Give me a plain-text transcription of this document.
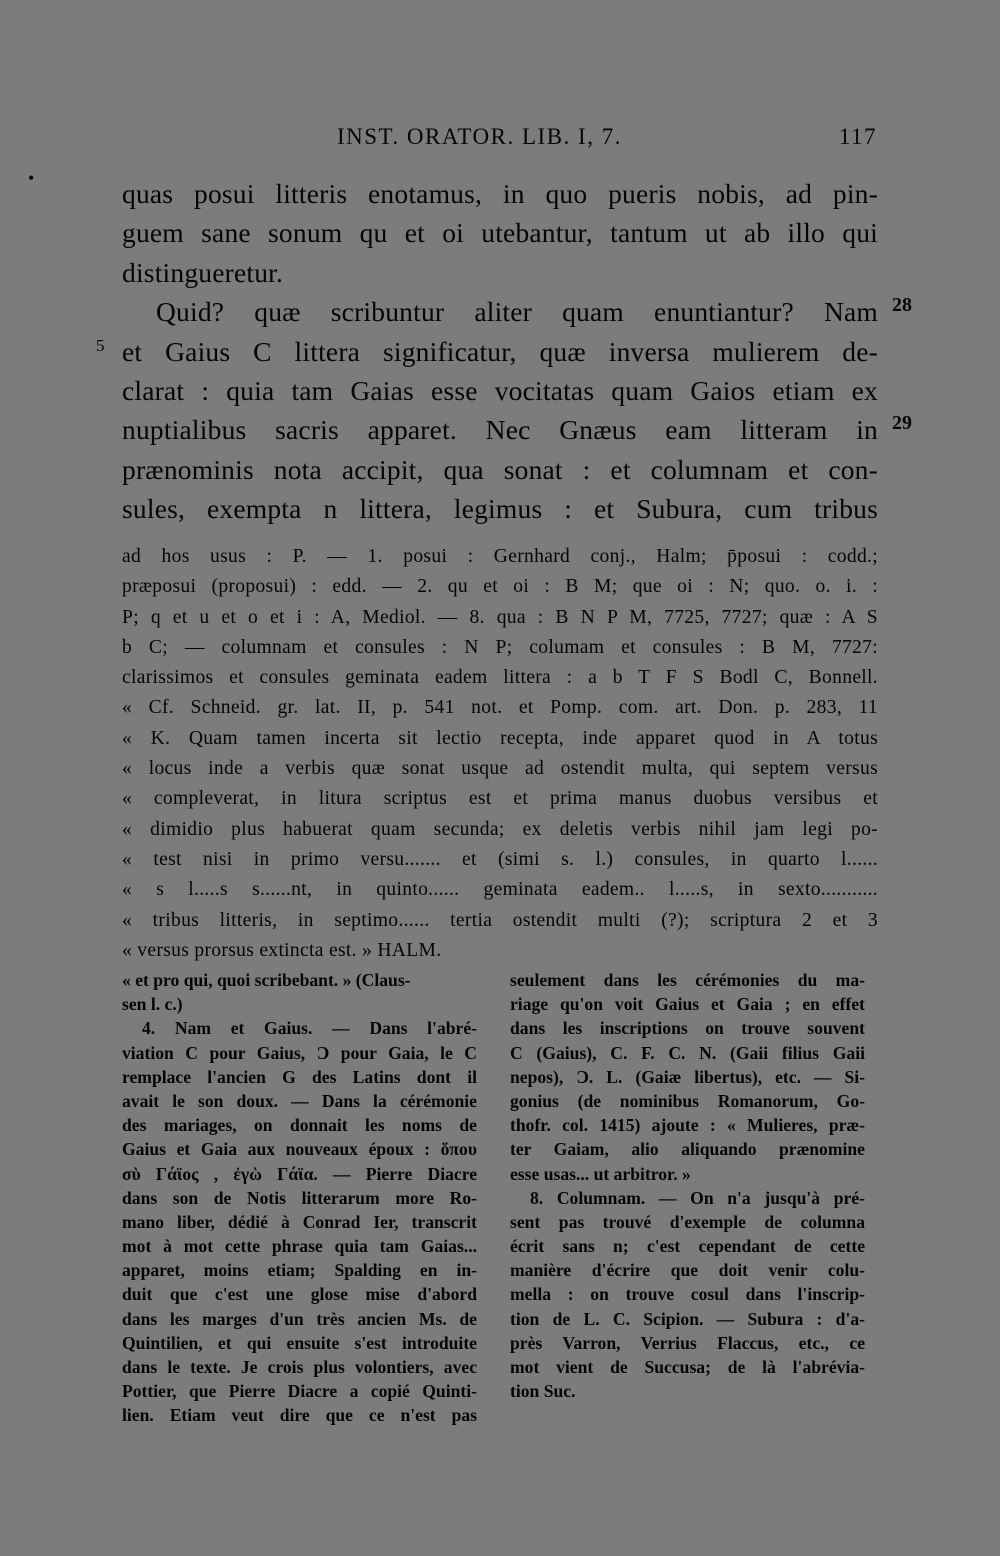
INST. ORATOR. LIB. I, 7.	117
•
5
28
29
quas posui litteris enotamus, in quo pueris nobis, ad pin-
guem sane sonum qu et oi utebantur, tantum ut ab illo qui
distingueretur.
Quid? quæ scribuntur aliter quam enuntiantur? Nam
et Gaius C littera significatur, quæ inversa mulierem de-
clarat : quia tam Gaias esse vocitatas quam Gaios etiam ex
nuptialibus sacris apparet. Nec Gnæus eam litteram in
prænominis nota accipit, qua sonat : et columnam et con-
sules, exempta n littera, legimus : et Subura, cum tribus
ad hos usus : P. — 1. posui : Gernhard conj., Halm; p̄posui : codd.;
præposui (proposui) : edd. — 2. qu et oi : B M; que oi : N; quo. o. i. :
P; q et u et o et i : A, Mediol. — 8. qua : B N P M, 7725, 7727; quæ : A S
b C; — columnam et consules : N P; columam et consules : B M, 7727:
clarissimos et consules geminata eadem littera : a b T F S Bodl C, Bonnell.
« Cf. Schneid. gr. lat. II, p. 541 not. et Pomp. com. art. Don. p. 283, 11
« K. Quam tamen incerta sit lectio recepta, inde apparet quod in A totus
« locus inde a verbis quæ sonat usque ad ostendit multa, qui septem versus
« compleverat, in litura scriptus est et prima manus duobus versibus et
« dimidio plus habuerat quam secunda; ex deletis verbis nihil jam legi po-
« test nisi in primo versu....... et (simi s. l.) consules, in quarto l......
« s l.....s s......nt, in quinto...... geminata eadem.. l.....s, in sexto...........
« tribus litteris, in septimo...... tertia ostendit multi (?); scriptura 2 et 3
« versus prorsus extincta est. » HALM.
« et pro qui, quoi scribebant. » (Claus-
sen l. c.)
4. Nam et Gaius. — Dans l'abré-
viation C pour Gaius, Ɔ pour Gaia, le C
remplace l'ancien G des Latins dont il
avait le son doux. — Dans la cérémonie
des mariages, on donnait les noms de
Gaius et Gaia aux nouveaux époux : ὅπου
σὺ Γάϊος , ἐγὼ Γάϊα. — Pierre Diacre
dans son de Notis litterarum more Ro-
mano liber, dédié à Conrad Ier, transcrit
mot à mot cette phrase quia tam Gaias...
apparet, moins etiam; Spalding en in-
duit que c'est une glose mise d'abord
dans les marges d'un très ancien Ms. de
Quintilien, et qui ensuite s'est introduite
dans le texte. Je crois plus volontiers, avec
Pottier, que Pierre Diacre a copié Quinti-
lien. Etiam veut dire que ce n'est pas
seulement dans les cérémonies du ma-
riage qu'on voit Gaius et Gaia ; en effet
dans les inscriptions on trouve souvent
C (Gaius), C. F. C. N. (Gaii filius Gaii
nepos), Ɔ. L. (Gaiæ libertus), etc. — Si-
gonius (de nominibus Romanorum, Go-
thofr. col. 1415) ajoute : « Mulieres, præ-
ter Gaiam, alio aliquando prænomine
esse usas... ut arbitror. »
8. Columnam. — On n'a jusqu'à pré-
sent pas trouvé d'exemple de columna
écrit sans n; c'est cependant de cette
manière d'écrire que doit venir colu-
mella : on trouve cosul dans l'inscrip-
tion de L. C. Scipion. — Subura : d'a-
près Varron, Verrius Flaccus, etc., ce
mot vient de Succusa; de là l'abrévia-
tion Suc.
